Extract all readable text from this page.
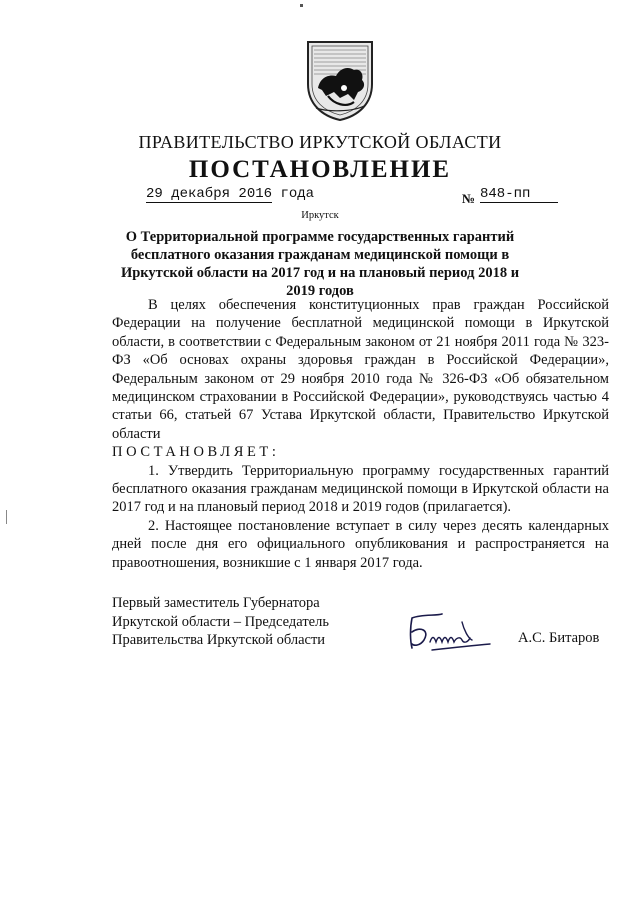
ПРАВИТЕЛЬСТВО ИРКУТСКОЙ ОБЛАСТИ
ПОСТАНОВЛЕНИЕ
29 декабря 2016 года	№ 848-пп
Иркутск
О Территориальной программе государственных гарантий бесплатного оказания гражданам медицинской помощи в Иркутской области на 2017 год и на плановый период 2018 и 2019 годов

В целях обеспечения конституционных прав граждан Российской Федерации на получение бесплатной медицинской помощи в Иркутской области, в соответствии с Федеральным законом от 21 ноября 2011 года № 323-ФЗ «Об основах охраны здоровья граждан в Российской Федерации», Федеральным законом от 29 ноября 2010 года № 326-ФЗ «Об обязательном медицинском страховании в Российской Федерации», руководствуясь частью 4 статьи 66, статьей 67 Устава Иркутской области, Правительство Иркутской области

ПОСТАНОВЛЯЕТ:

1. Утвердить Территориальную программу государственных гарантий бесплатного оказания гражданам медицинской помощи в Иркутской области на 2017 год и на плановый период 2018 и 2019 годов (прилагается).

2. Настоящее постановление вступает в силу через десять календарных дней после дня его официального опубликования и распространяется на правоотношения, возникшие с 1 января 2017 года.

Первый заместитель Губернатора
Иркутской области – Председатель
Правительства Иркутской области	А.С. Битаров
